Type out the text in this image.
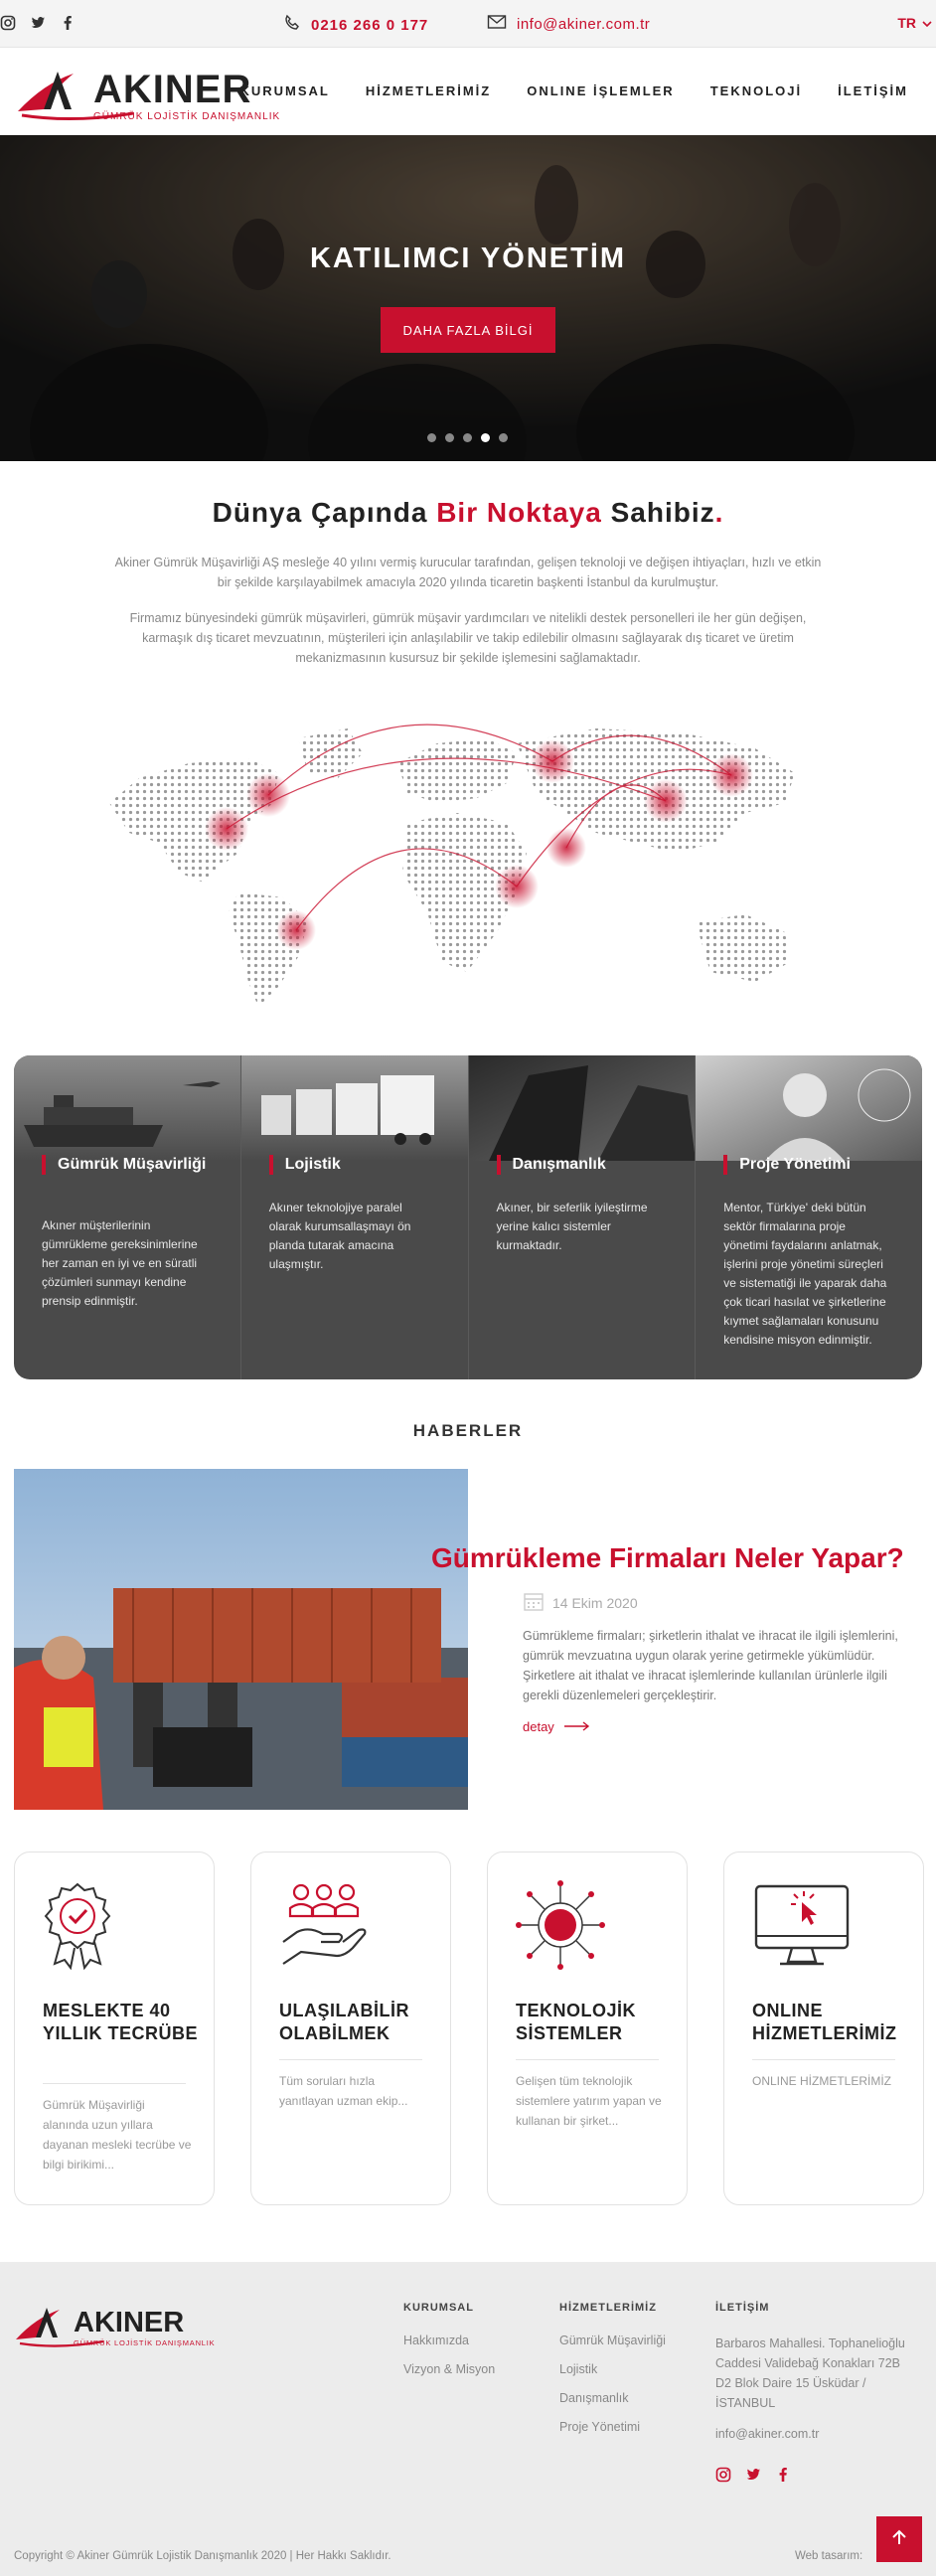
0216 266 0 177	info@akiner.com.tr	TR
AKINER
GÜMRÜK LOJİSTİK DANIŞMANLIK
KURUMSAL	HİZMETLERİMİZ	ONLINE İŞLEMLER	TEKNOLOJİ	İLETİŞİM
KATILIMCI YÖNETİM
DAHA FAZLA BİLGİ
Dünya Çapında Bir Noktaya Sahibiz.

Akiner Gümrük Müşavirliği AŞ mesleğe 40 yılını vermiş kurucular tarafından, gelişen teknoloji ve değişen ihtiyaçları, hızlı ve etkin bir şekilde karşılayabilmek amacıyla 2020 yılında ticaretin başkenti İstanbul da kurulmuştur.

Firmamız bünyesindeki gümrük müşavirleri, gümrük müşavir yardımcıları ve nitelikli destek personelleri ile her gün değişen, karmaşık dış ticaret mevzuatının, müşterileri için anlaşılabilir ve takip edilebilir olmasını sağlayarak dış ticaret ve üretim mekanizmasının kusursuz bir şekilde işlemesini sağlamaktadır.

Gümrük Müşavirliği
Akıner müşterilerinin gümrükleme gereksinimlerine her zaman en iyi ve en süratli çözümleri sunmayı kendine prensip edinmiştir.
Lojistik
Akıner teknolojiye paralel olarak kurumsallaşmayı ön planda tutarak amacına ulaşmıştır.
Danışmanlık
Akıner, bir seferlik iyileştirme yerine kalıcı sistemler kurmaktadır.
Proje Yönetimi
Mentor, Türkiye' deki bütün sektör firmalarına proje yönetimi faydalarını anlatmak, işlerini proje yönetimi süreçleri ve sistematiği ile yaparak daha çok ticari hasılat ve şirketlerine kıymet sağlamaları konusunu kendisine misyon edinmiştir.
HABERLER
Gümrükleme Firmaları Neler Yapar?
14 Ekim 2020

Gümrükleme firmaları; şirketlerin ithalat ve ihracat ile ilgili işlemlerini, gümrük mevzuatına uygun olarak yerine getirmekle yükümlüdür. Şirketlere ait ithalat ve ihracat işlemlerinde kullanılan ürünlerle ilgili gerekli düzenlemeleri gerçekleştirir.

detay
MESLEKTE 40 YILLIK TECRÜBE
Gümrük Müşavirliği alanında uzun yıllara dayanan mesleki tecrübe ve bilgi birikimi...
ULAŞILABİLİR OLABİLMEK
Tüm soruları hızla yanıtlayan uzman ekip...
TEKNOLOJİK SİSTEMLER
Gelişen tüm teknolojik sistemlere yatırım yapan ve kullanan bir şirket...
ONLINE HİZMETLERİMİZ
ONLINE HİZMETLERİMİZ
AKINER
GÜMRÜK LOJİSTİK DANIŞMANLIK
KURUMSAL
Hakkımızda
Vizyon & Misyon
HİZMETLERİMİZ
Gümrük Müşavirliği
Lojistik
Danışmanlık
Proje Yönetimi
İLETİŞİM
Barbaros Mahallesi. Tophanelioğlu Caddesi Validebağ Konakları 72B D2 Blok Daire 15 Üsküdar / İSTANBUL
info@akiner.com.tr
Copyright © Akiner Gümrük Lojistik Danışmanlık 2020 | Her Hakkı Saklıdır.	Web tasarım:
